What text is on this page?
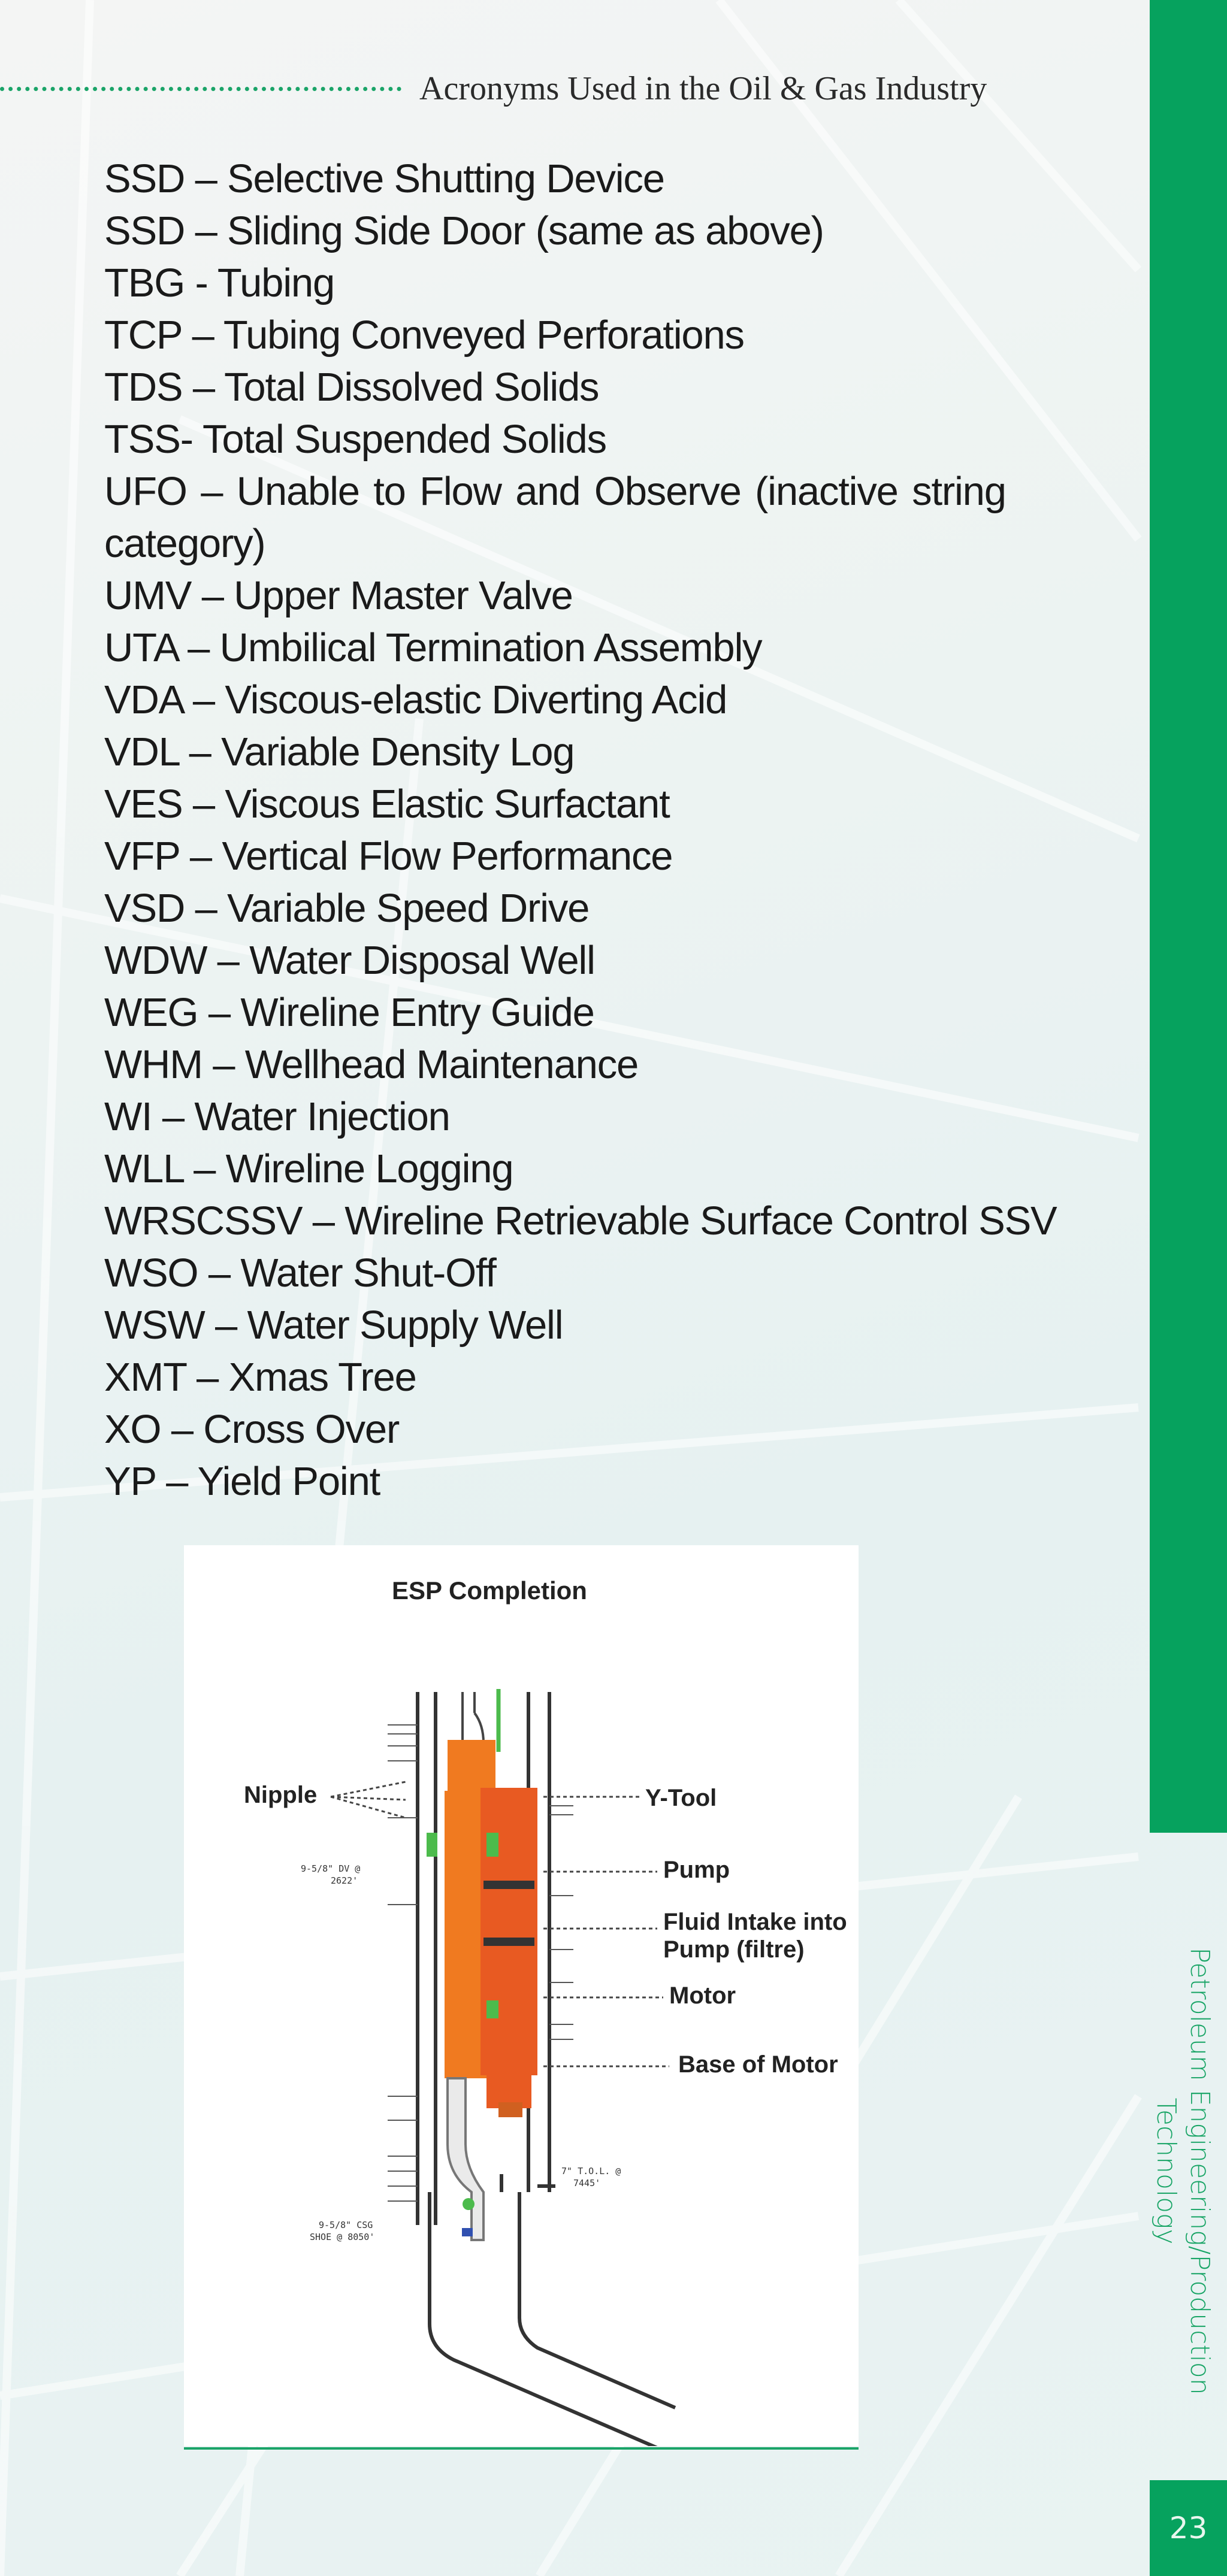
Acronyms Used in the Oil & Gas Industry
SSD – Selective Shutting Device
SSD – Sliding Side Door (same as above)
TBG - Tubing
TCP – Tubing Conveyed Perforations
TDS – Total Dissolved Solids
TSS- Total Suspended Solids
UFO – Unable to Flow and Observe (inactive string
category)
UMV – Upper Master Valve
UTA – Umbilical Termination Assembly
VDA – Viscous-elastic Diverting Acid
VDL – Variable Density Log
VES – Viscous Elastic Surfactant
VFP – Vertical Flow Performance
VSD – Variable Speed Drive
WDW – Water Disposal Well
WEG – Wireline Entry Guide
WHM – Wellhead Maintenance
WI – Water Injection
WLL – Wireline Logging
WRSCSSV – Wireline Retrievable Surface Control SSV
WSO – Water Shut-Off
WSW – Water Supply Well
XMT – Xmas Tree
XO – Cross Over
YP – Yield Point
ESP Completion
Nipple	Y-Tool
Pump
Fluid Intake into
Pump (filtre)
Motor
Base of Motor
9-5/8" DV @
2622'
7" T.O.L. @
7445'
9-5/8" CSG
SHOE @ 8050'	Petroleum Engineering/Production
Technology
23
